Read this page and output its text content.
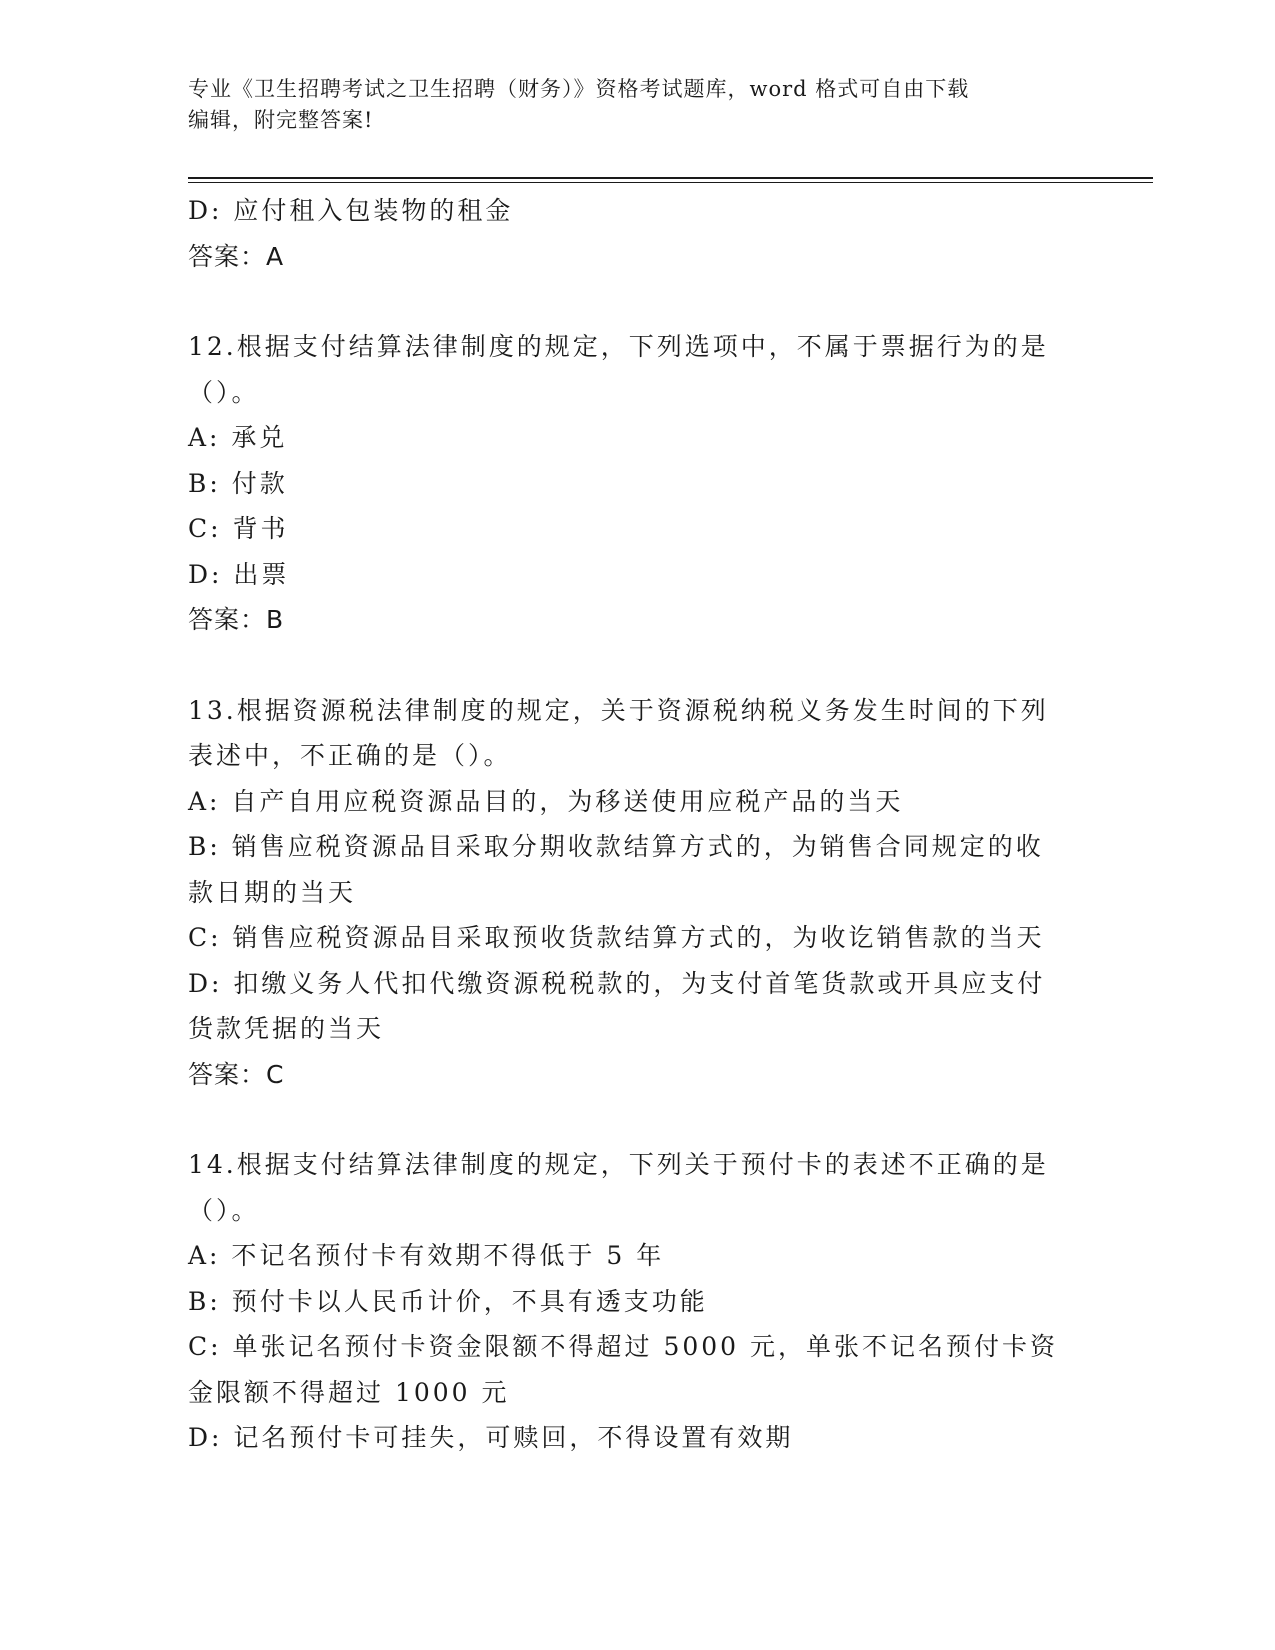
专业《卫生招聘考试之卫生招聘（财务）》资格考试题库，word 格式可自由下载
编辑，附完整答案!

D: 应付租入包装物的租金

答案：A

12.根据支付结算法律制度的规定，下列选项中，不属于票据行为的是

（）。

A: 承兑

B: 付款

C: 背书

D: 出票

答案：B

13.根据资源税法律制度的规定，关于资源税纳税义务发生时间的下列

表述中，不正确的是（）。

A: 自产自用应税资源品目的，为移送使用应税产品的当天

B: 销售应税资源品目采取分期收款结算方式的，为销售合同规定的收

款日期的当天

C: 销售应税资源品目采取预收货款结算方式的，为收讫销售款的当天

D: 扣缴义务人代扣代缴资源税税款的，为支付首笔货款或开具应支付

货款凭据的当天

答案：C

14.根据支付结算法律制度的规定，下列关于预付卡的表述不正确的是

（）。

A: 不记名预付卡有效期不得低于 5 年

B: 预付卡以人民币计价，不具有透支功能

C: 单张记名预付卡资金限额不得超过 5000 元，单张不记名预付卡资

金限额不得超过 1000 元

D: 记名预付卡可挂失，可赎回，不得设置有效期
